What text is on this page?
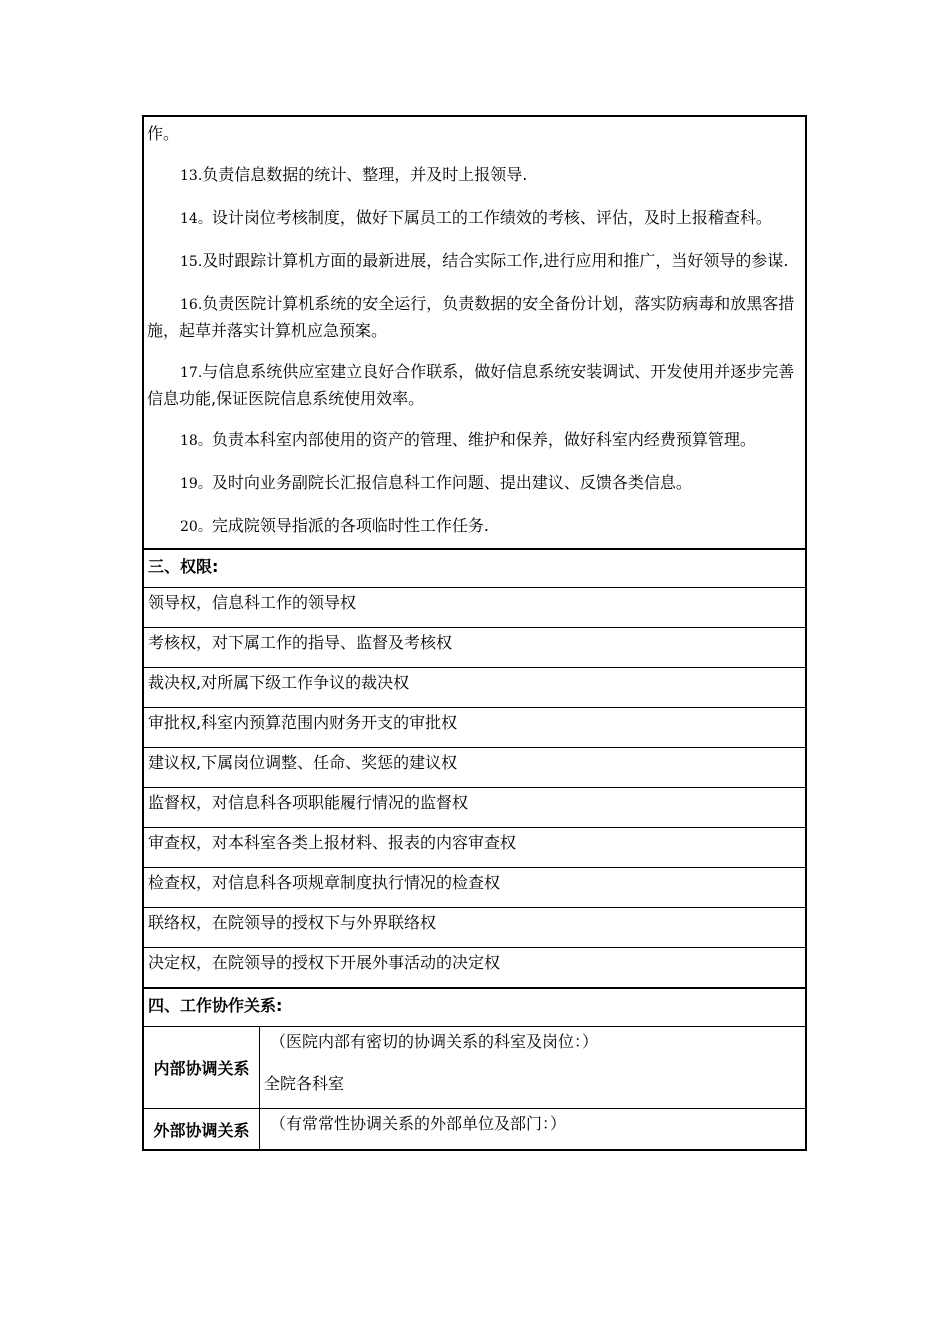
作。

13.负责信息数据的统计、整理，并及时上报领导.

14。设计岗位考核制度，做好下属员工的工作绩效的考核、评估，及时上报稽查科。

15.及时跟踪计算机方面的最新进展，结合实际工作,进行应用和推广，当好领导的参谋.

16.负责医院计算机系统的安全运行，负责数据的安全备份计划，落实防病毒和放黑客措施，起草并落实计算机应急预案。

17.与信息系统供应室建立良好合作联系，做好信息系统安装调试、开发使用并逐步完善信息功能,保证医院信息系统使用效率。

18。负责本科室内部使用的资产的管理、维护和保养，做好科室内经费预算管理。

19。及时向业务副院长汇报信息科工作问题、提出建议、反馈各类信息。

20。完成院领导指派的各项临时性工作任务.

三、权限:
领导权，信息科工作的领导权
考核权，对下属工作的指导、监督及考核权
裁决权,对所属下级工作争议的裁决权
审批权,科室内预算范围内财务开支的审批权
建议权,下属岗位调整、任命、奖惩的建议权
监督权，对信息科各项职能履行情况的监督权
审查权，对本科室各类上报材料、报表的内容审查权
检查权，对信息科各项规章制度执行情况的检查权
联络权，在院领导的授权下与外界联络权
决定权，在院领导的授权下开展外事活动的决定权
四、工作协作关系:
内部协调关系

（医院内部有密切的协调关系的科室及岗位：）

全院各科室

外部协调关系	（有常常性协调关系的外部单位及部门：）
